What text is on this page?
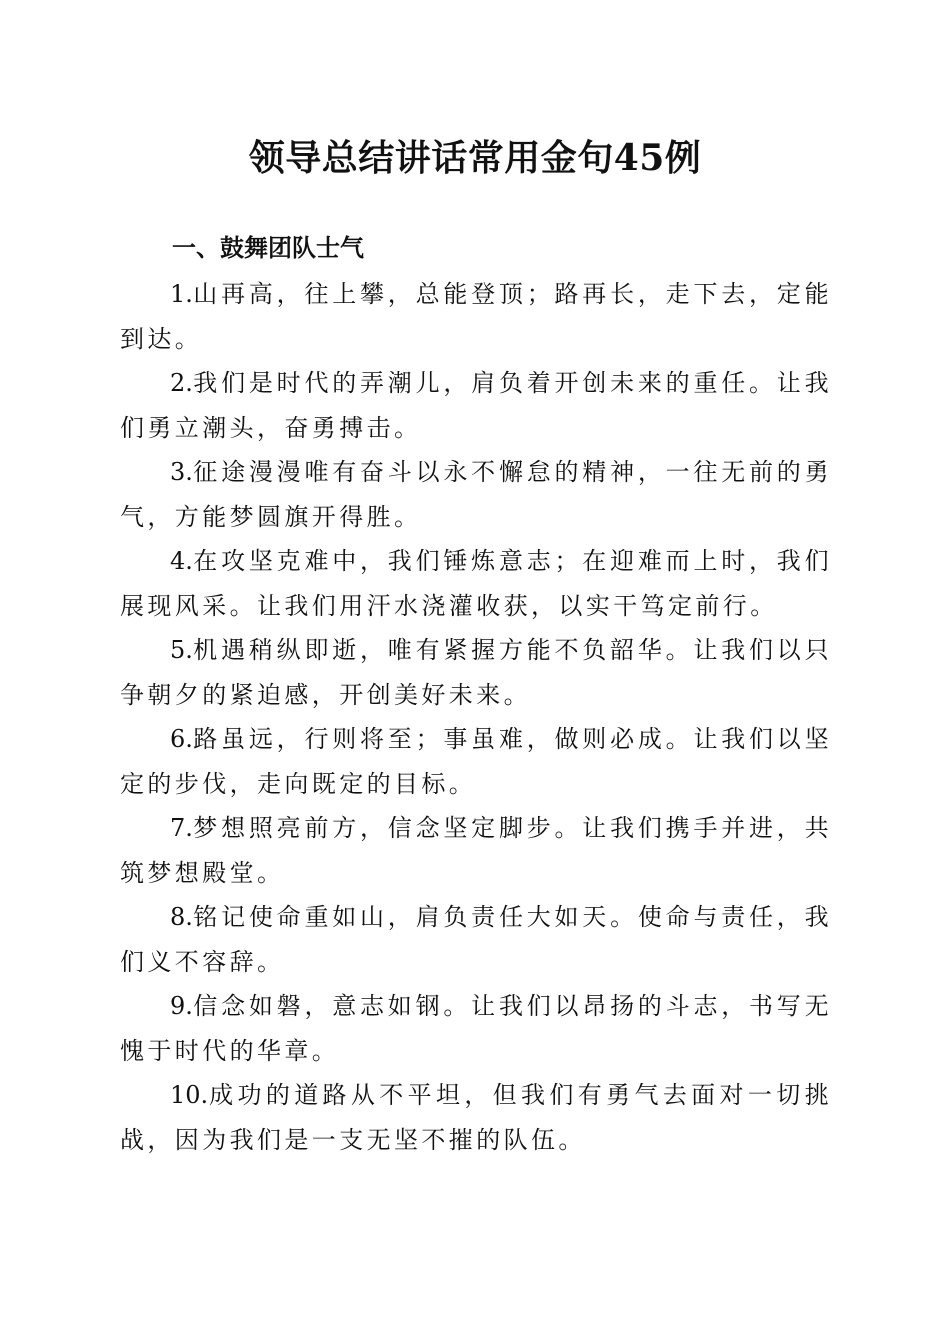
领导总结讲话常用金句45例
一、鼓舞团队士气

1.山再高，往上攀，总能登顶；路再长，走下去，定能到达。

2.我们是时代的弄潮儿，肩负着开创未来的重任。让我们勇立潮头，奋勇搏击。

3.征途漫漫唯有奋斗以永不懈怠的精神，一往无前的勇气，方能梦圆旗开得胜。

4.在攻坚克难中，我们锤炼意志；在迎难而上时，我们展现风采。让我们用汗水浇灌收获，以实干笃定前行。

5.机遇稍纵即逝，唯有紧握方能不负韶华。让我们以只争朝夕的紧迫感，开创美好未来。

6.路虽远，行则将至；事虽难，做则必成。让我们以坚定的步伐，走向既定的目标。

7.梦想照亮前方，信念坚定脚步。让我们携手并进，共筑梦想殿堂。

8.铭记使命重如山，肩负责任大如天。使命与责任，我们义不容辞。

9.信念如磐，意志如钢。让我们以昂扬的斗志，书写无愧于时代的华章。

10.成功的道路从不平坦，但我们有勇气去面对一切挑战，因为我们是一支无坚不摧的队伍。
